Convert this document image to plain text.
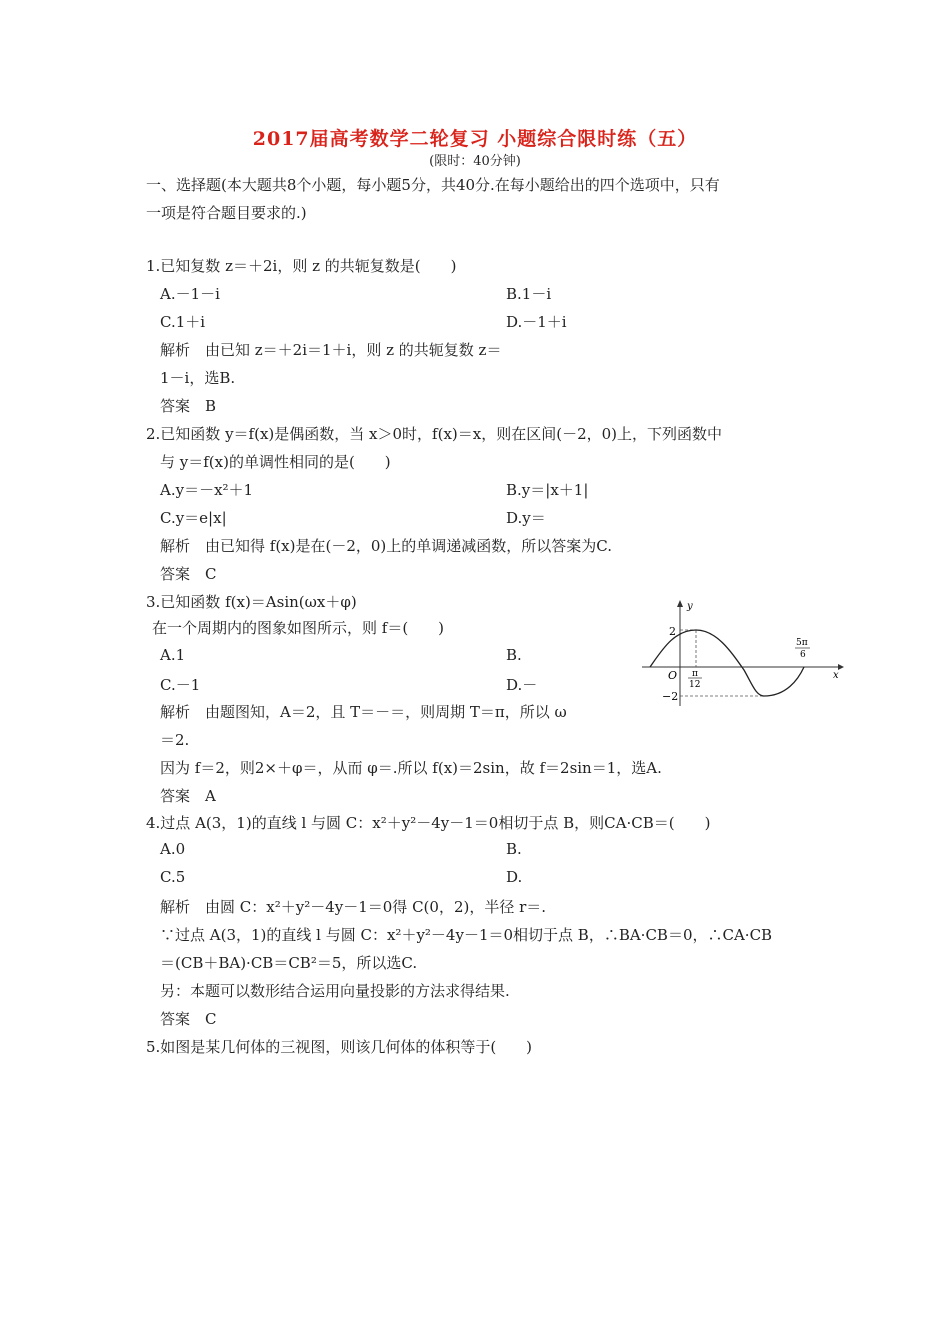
2017届高考数学二轮复习 小题综合限时练（五）
(限时：40分钟)
一、选择题(本大题共8个小题，每小题5分，共40分.在每小题给出的四个选项中，只有
一项是符合题目要求的.)
1.已知复数 z＝＋2i，则 z 的共轭复数是(　　)
A.－1－i	B.1－i
C.1＋i	D.－1＋i
解析　由已知 z＝＋2i＝1＋i，则 z 的共轭复数 z＝
1－i，选B.
答案　B
2.已知函数 y＝f(x)是偶函数，当 x＞0时，f(x)＝x，则在区间(－2，0)上，下列函数中
与 y＝f(x)的单调性相同的是(　　)
A.y＝－x²＋1	B.y＝|x＋1|
C.y＝e|x|	D.y＝
解析　由已知得 f(x)是在(－2，0)上的单调递减函数，所以答案为C.
答案　C
3.已知函数 f(x)＝Asin(ωx＋φ)
在一个周期内的图象如图所示，则 f＝(　　)
A.1	B.
C.－1	D.－
解析　由题图知，A＝2，且 T＝－＝，则周期 T＝π，所以 ω
＝2.
因为 f＝2，则2×＋φ＝，从而 φ＝.所以 f(x)＝2sin，故 f＝2sin＝1，选A.
答案　A
y
x
O
2
−2
π
12
5π
6
4.过点 A(3，1)的直线 l 与圆 C：x²＋y²－4y－1＝0相切于点 B，则CA·CB＝(　　)
A.0	B.
C.5	D.
解析　由圆 C：x²＋y²－4y－1＝0得 C(0，2)，半径 r＝.
∵过点 A(3，1)的直线 l 与圆 C：x²＋y²－4y－1＝0相切于点 B，∴BA·CB＝0，∴CA·CB
＝(CB＋BA)·CB＝CB²＝5，所以选C.
另：本题可以数形结合运用向量投影的方法求得结果.
答案　C
5.如图是某几何体的三视图，则该几何体的体积等于(　　)
